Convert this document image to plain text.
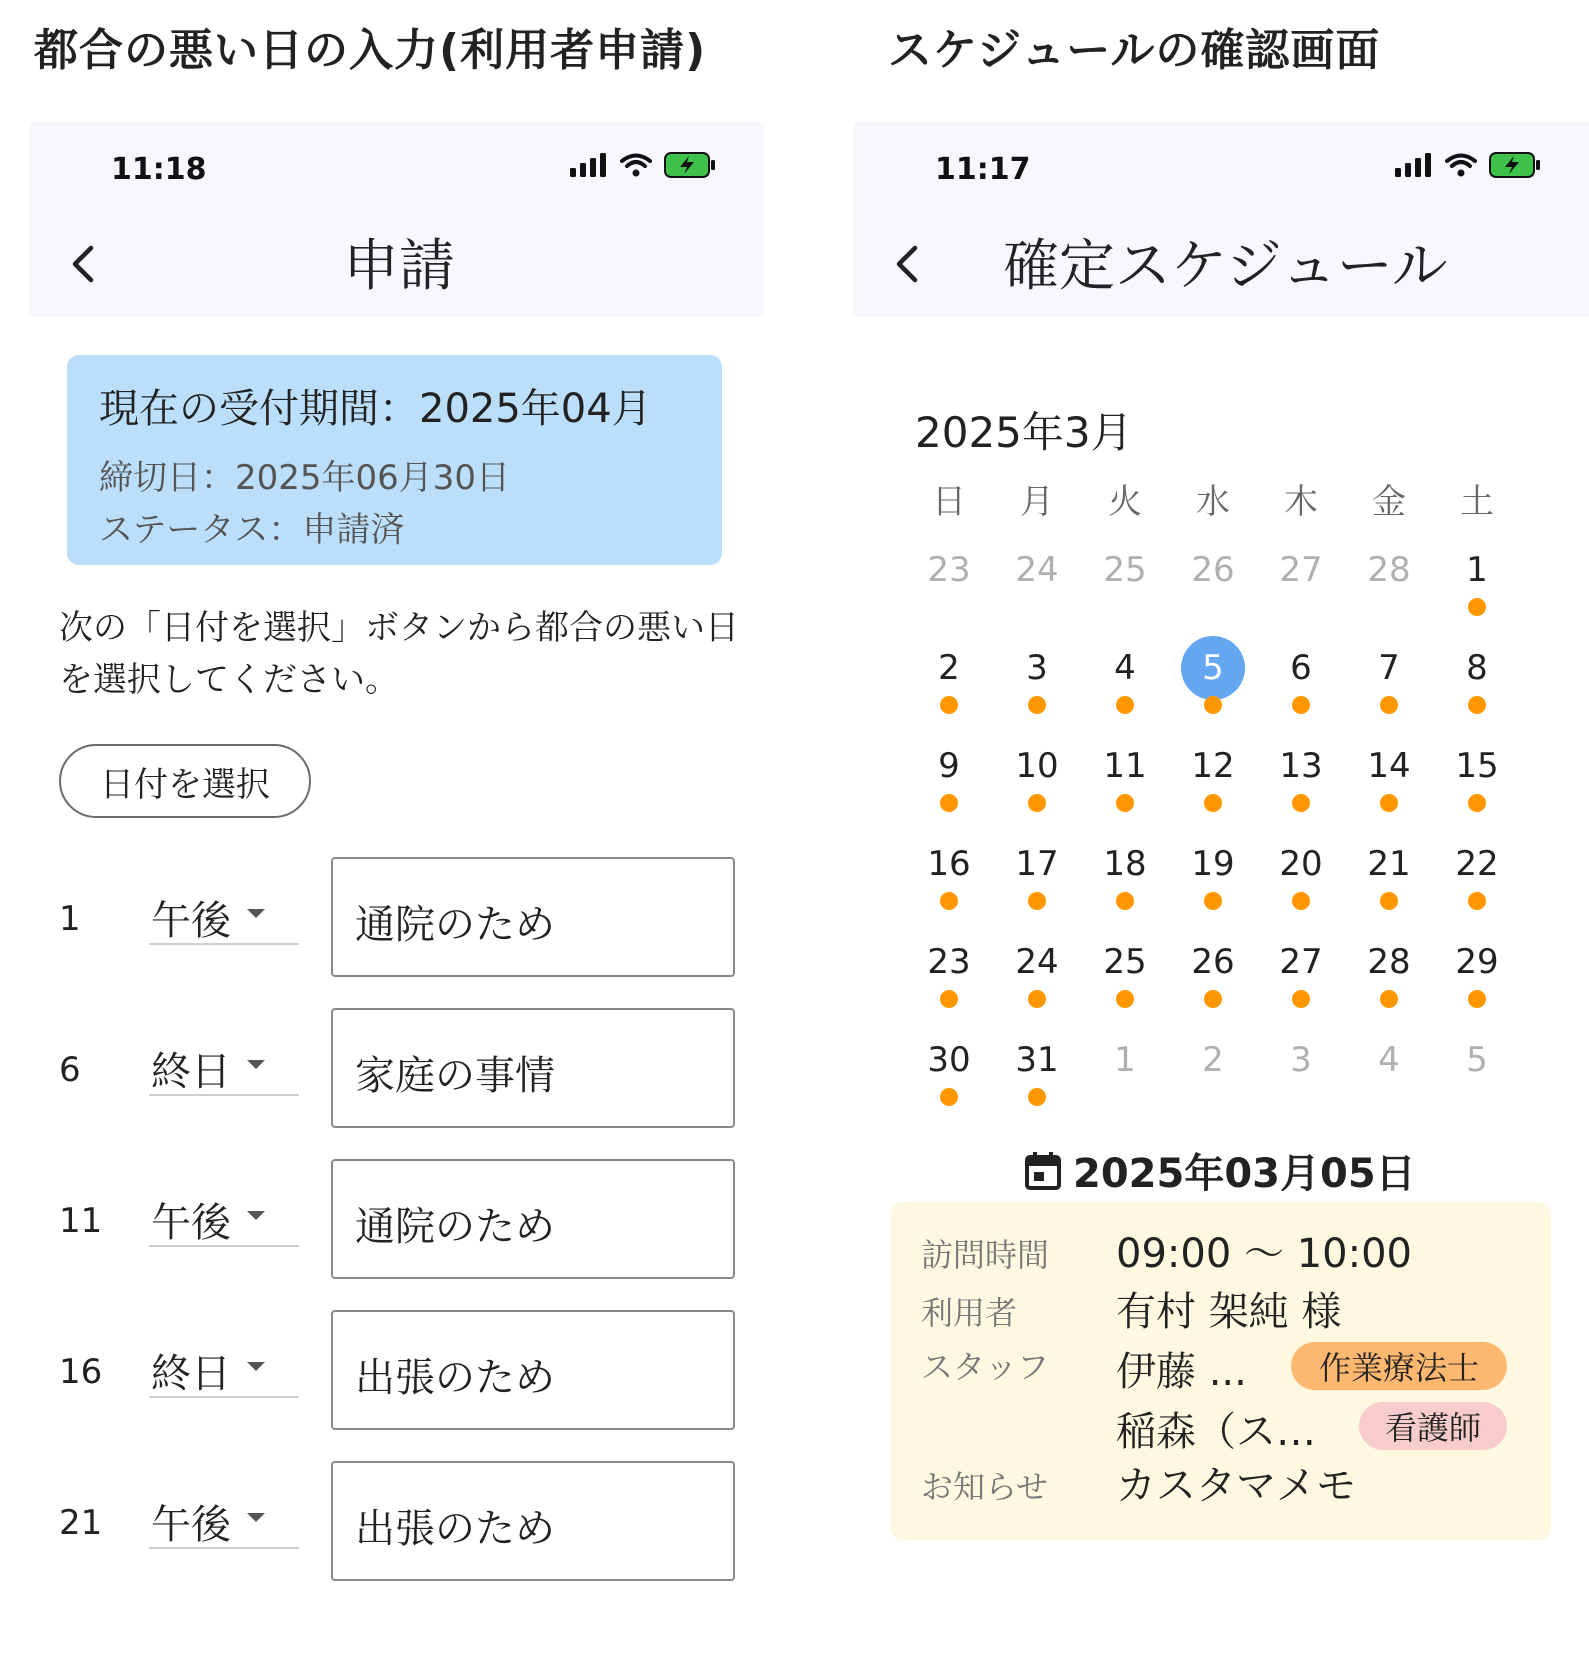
都合の悪い日の入力(利用者申請)	スケジュールの確認画面
11:18
申請
現在の受付期間：2025年04月
締切日：2025年06月30日
ステータス：申請済
次の「日付を選択」ボタンから都合の悪い日を選択してください。
日付を選択
1 午後	通院のため
6 終日	家庭の事情
11 午後	通院のため
16 終日	出張のため
21 午後	出張のため
11:17
確定スケジュール
2025年3月
日	月	火	水	木	金	土
23	24	25	26	27	28	1
2	3	4	5	6	7	8
9	10	11	12	13	14	15
16	17	18	19	20	21	22
23	24	25	26	27	28	29
30	31	1	2	3	4	5
2025年03月05日
訪問時間 09:00 〜 10:00
利用者 有村 架純 様
スタッフ 伊藤 ...	作業療法士
稲森（ス…	看護師
お知らせ カスタマメモ
